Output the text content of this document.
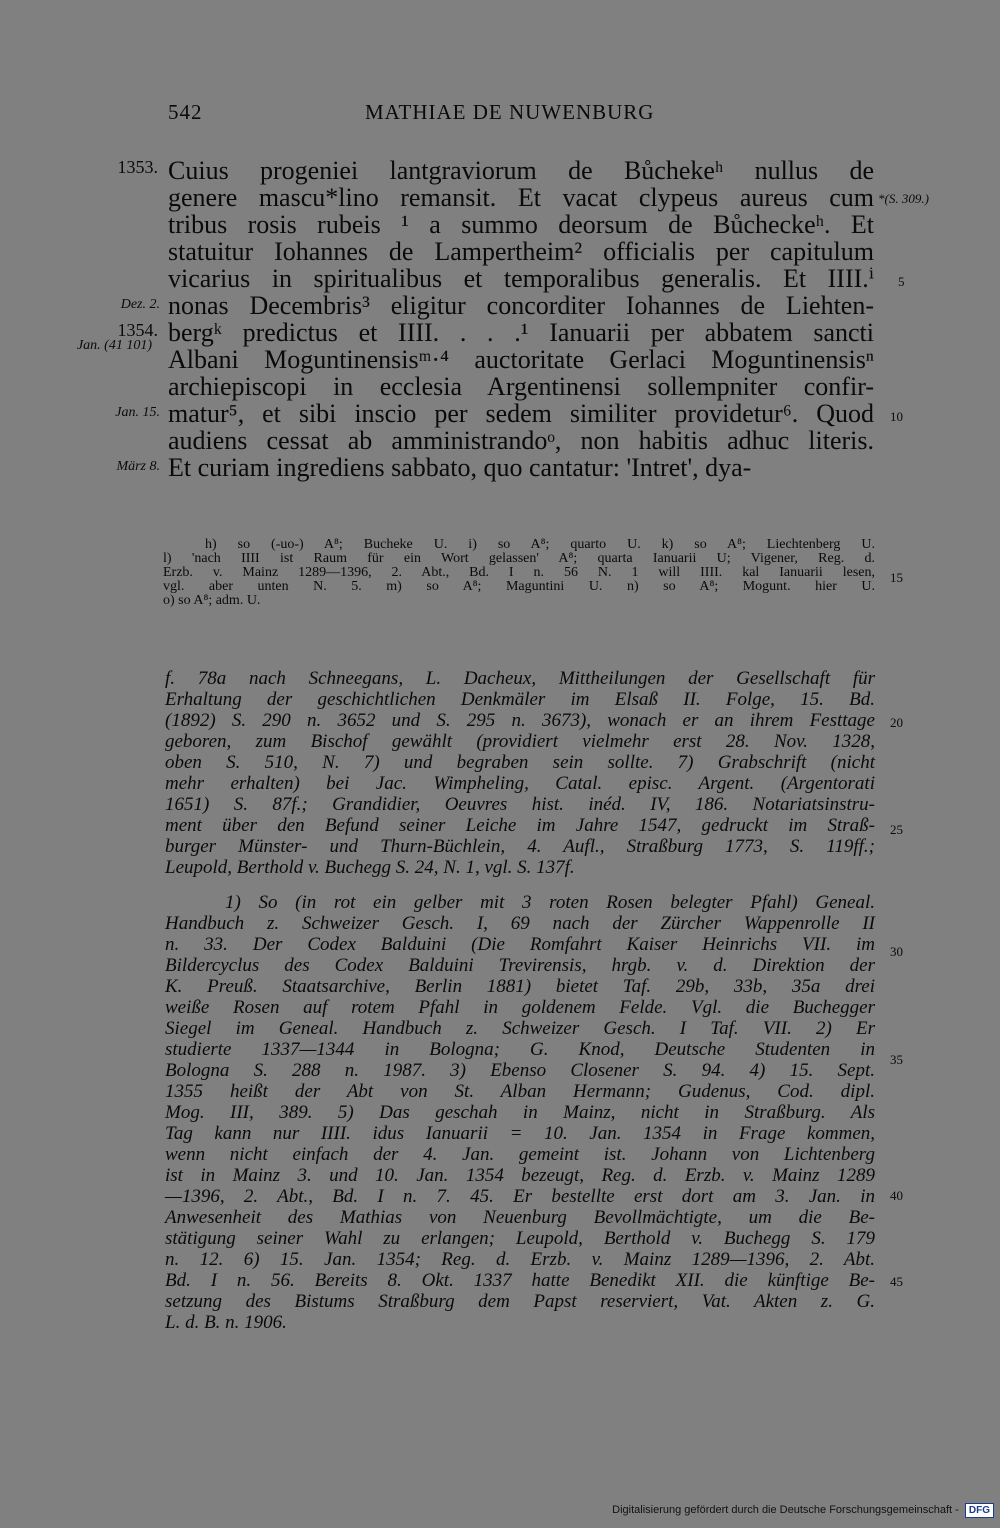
542	MATHIAE DE NUWENBURG
Cuius progeniei lantgraviorum de Bůchekeʰ nullus de
genere mascu*lino remansit. Et vacat clypeus aureus cum
tribus rosis rubeis ¹ a summo deorsum de Bůcheckeʰ. Et
statuitur Iohannes de Lampertheim² officialis per capitulum
vicarius in spiritualibus et temporalibus generalis. Et IIII.ⁱ
nonas Decembris³ eligitur concorditer Iohannes de Liehten-
bergᵏ predictus et IIII. . . .¹ Ianuarii per abbatem sancti
Albani Moguntinensisᵐ·⁴ auctoritate Gerlaci Moguntinensisⁿ
archiepiscopi in ecclesia Argentinensi sollempniter confir-
matur⁵, et sibi inscio per sedem similiter providetur⁶. Quod
audiens cessat ab amministrandoᵒ, non habitis adhuc literis.
Et curiam ingrediens sabbato, quo cantatur: 'Intret', dya-
1353.
Dez. 2.
1354.
Jan. (41 101)
Jan. 15.
März 8.
*(S. 309.)
5
10
15
20
25
30
35
40
45
h) so (-uo-) A⁸; Bucheke U. i) so A⁸; quarto U. k) so A⁸; Liechtenberg U.
l) 'nach IIII ist Raum für ein Wort gelassen' A⁸; quarta Ianuarii U; Vigener, Reg. d.
Erzb. v. Mainz 1289—1396, 2. Abt., Bd. I n. 56 N. 1 will IIII. kal Ianuarii lesen,
vgl. aber unten N. 5. m) so A⁸; Maguntini U. n) so A⁸; Mogunt. hier U.
o) so A⁸; adm. U.
f. 78a nach Schneegans, L. Dacheux, Mittheilungen der Gesellschaft für
Erhaltung der geschichtlichen Denkmäler im Elsaß II. Folge, 15. Bd.
(1892) S. 290 n. 3652 und S. 295 n. 3673), wonach er an ihrem Festtage
geboren, zum Bischof gewählt (providiert vielmehr erst 28. Nov. 1328,
oben S. 510, N. 7) und begraben sein sollte. 7) Grabschrift (nicht
mehr erhalten) bei Jac. Wimpheling, Catal. episc. Argent. (Argentorati
1651) S. 87f.; Grandidier, Oeuvres hist. inéd. IV, 186. Notariatsinstru-
ment über den Befund seiner Leiche im Jahre 1547, gedruckt im Straß-
burger Münster- und Thurn-Büchlein, 4. Aufl., Straßburg 1773, S. 119ff.;
Leupold, Berthold v. Buchegg S. 24, N. 1, vgl. S. 137f.
1) So (in rot ein gelber mit 3 roten Rosen belegter Pfahl) Geneal.
Handbuch z. Schweizer Gesch. I, 69 nach der Zürcher Wappenrolle II
n. 33. Der Codex Balduini (Die Romfahrt Kaiser Heinrichs VII. im
Bildercyclus des Codex Balduini Trevirensis, hrgb. v. d. Direktion der
K. Preuß. Staatsarchive, Berlin 1881) bietet Taf. 29b, 33b, 35a drei
weiße Rosen auf rotem Pfahl in goldenem Felde. Vgl. die Buchegger
Siegel im Geneal. Handbuch z. Schweizer Gesch. I Taf. VII. 2) Er
studierte 1337—1344 in Bologna; G. Knod, Deutsche Studenten in
Bologna S. 288 n. 1987. 3) Ebenso Closener S. 94. 4) 15. Sept.
1355 heißt der Abt von St. Alban Hermann; Gudenus, Cod. dipl.
Mog. III, 389. 5) Das geschah in Mainz, nicht in Straßburg. Als
Tag kann nur IIII. idus Ianuarii = 10. Jan. 1354 in Frage kommen,
wenn nicht einfach der 4. Jan. gemeint ist. Johann von Lichtenberg
ist in Mainz 3. und 10. Jan. 1354 bezeugt, Reg. d. Erzb. v. Mainz 1289
—1396, 2. Abt., Bd. I n. 7. 45. Er bestellte erst dort am 3. Jan. in
Anwesenheit des Mathias von Neuenburg Bevollmächtigte, um die Be-
stätigung seiner Wahl zu erlangen; Leupold, Berthold v. Buchegg S. 179
n. 12. 6) 15. Jan. 1354; Reg. d. Erzb. v. Mainz 1289—1396, 2. Abt.
Bd. I n. 56. Bereits 8. Okt. 1337 hatte Benedikt XII. die künftige Be-
setzung des Bistums Straßburg dem Papst reserviert, Vat. Akten z. G.
L. d. B. n. 1906.
Digitalisierung gefördert durch die Deutsche Forschungsgemeinschaft - DFG
